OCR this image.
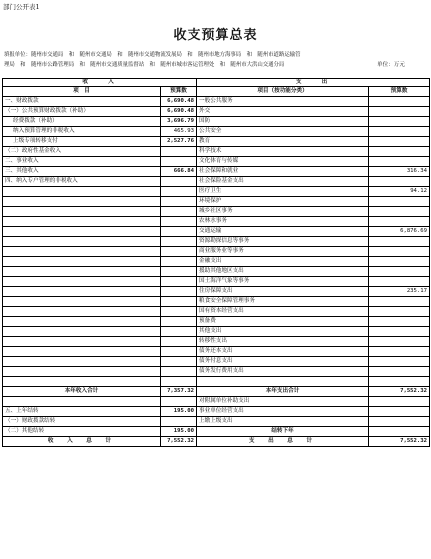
部门公开表1
收支预算总表
填报单位：随州市交通局　和　随州市交通局　和　随州市交通物流发展局　和　随州市地方海事局　和　随州市道路运输管理局　和　随州市公路管理局　和　随州市交通质量监督站　和　随州市城市客运管理处　和　随州市大洪山交通分局	单位：万元
收　　入		支　　出	
项　目	预算数	项目（按功能分类）	预算数
一、财政拨款	6,690.48	一般公共服务	
（一）公共预算财政拨款（补助）	6,690.48	外交	
经费拨款（补助）	3,696.79	国防	
纳入预算管理的非税收入	465.93	公共安全	
上级专项转移支付	2,527.76	教育	
（二）政府性基金收入		科学技术	
二、事业收入		文化体育与传媒	
三、其他收入	666.84	社会保障和就业	316.34
四、纳入专户管理的非税收入		社会保险基金支出	
		医疗卫生	94.12
		环境保护	
		城乡社区事务	
		农林水事务	
		交通运输	6,876.69
		资源勘探信息等事务	
		商业服务业等事务	
		金融支出	
		援助其他地区支出	
		国土海洋气象等事务	
		住房保障支出	235.17
		粮食安全保障管理事务	
		国有资本经营支出	
		预备费	
		其他支出	
		转移性支出	
		债务还本支出	
		债务付息支出	
		债务发行费用支出	

本年收入合计	7,357.32	本年支出合计	7,552.32
		对附属单位补助支出	
五、上年结转	195.00	事业单位经营支出	
（一）财政拨款结转		上缴上级支出	
（二）其他结转	195.00	结转下年	
收　入　总　计	7,552.32	支　出　总　计	7,552.32
